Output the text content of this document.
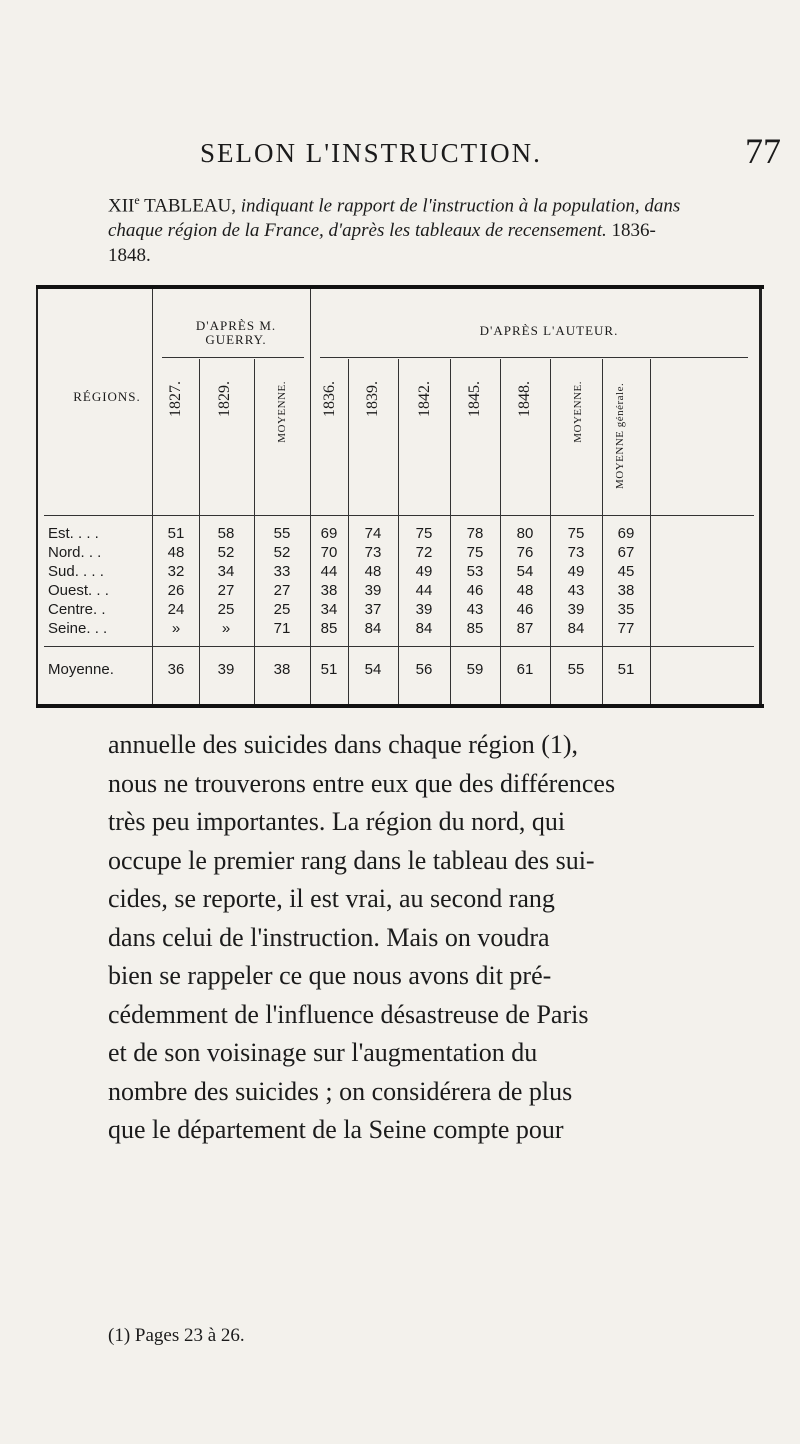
SELON L'INSTRUCTION.	77
XIIe TABLEAU, indiquant le rapport de l'instruction à la population, dans chaque région de la France, d'après les tableaux de recensement. 1836-1848.
RÉGIONS.
D'APRÈS M. GUERRY.
D'APRÈS L'AUTEUR.
1827. 1829.	MOYENNE. 1836. 1839. 1842. 1845. 1848.	MOYENNE.	MOYENNE générale.
Est. . . .	51	58	55	69	74	75	78	80	75	69
Nord. . .	48	52	52	70	73	72	75	76	73	67
Sud. . . .	32	34	33	44	48	49	53	54	49	45
Ouest. . .	26	27	27	38	39	44	46	48	43	38
Centre. .	24	25	25	34	37	39	43	46	39	35
Seine. . .	»	»	71	85	84	84	85	87	84	77
Moyenne.	36	39	38	51	54	56	59	61	55	51

annuelle des suicides dans chaque région (1),

nous ne trouverons entre eux que des différences

très peu importantes. La région du nord, qui

occupe le premier rang dans le tableau des sui-

cides, se reporte, il est vrai, au second rang

dans celui de l'instruction. Mais on voudra

bien se rappeler ce que nous avons dit pré-

cédemment de l'influence désastreuse de Paris

et de son voisinage sur l'augmentation du

nombre des suicides ; on considérera de plus

que le département de la Seine compte pour

(1) Pages 23 à 26.
